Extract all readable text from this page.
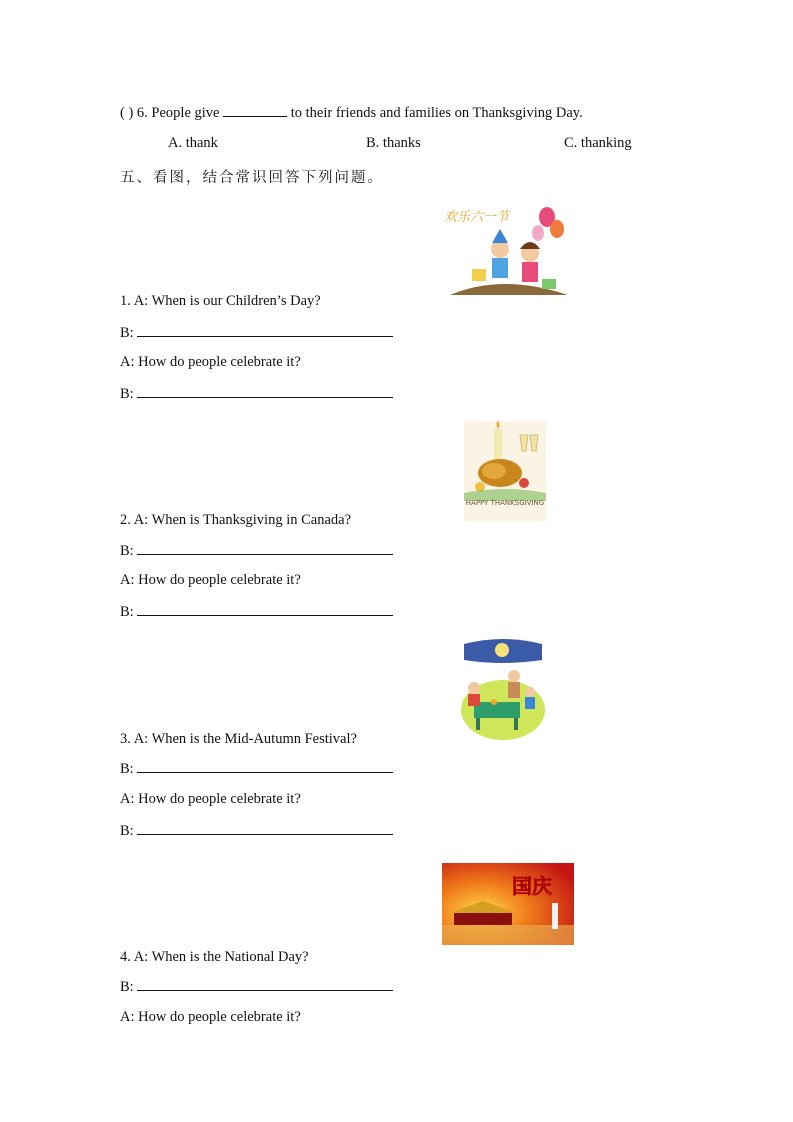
( ) 6. People give	to their friends and families on Thanksgiving Day.
A. thank	B. thanks	C. thanking
五、看图，结合常识回答下列问题。
欢乐六一节
1. A: When is our Children’s Day?
B:
A: How do people celebrate it?
B:
HAPPY THANKSGIVING
2. A: When is Thanksgiving in Canada?
B:
A: How do people celebrate it?
B:
3. A: When is the Mid-Autumn Festival?
B:
A: How do people celebrate it?
B:
国庆
4. A: When is the National Day?
B:
A: How do people celebrate it?
